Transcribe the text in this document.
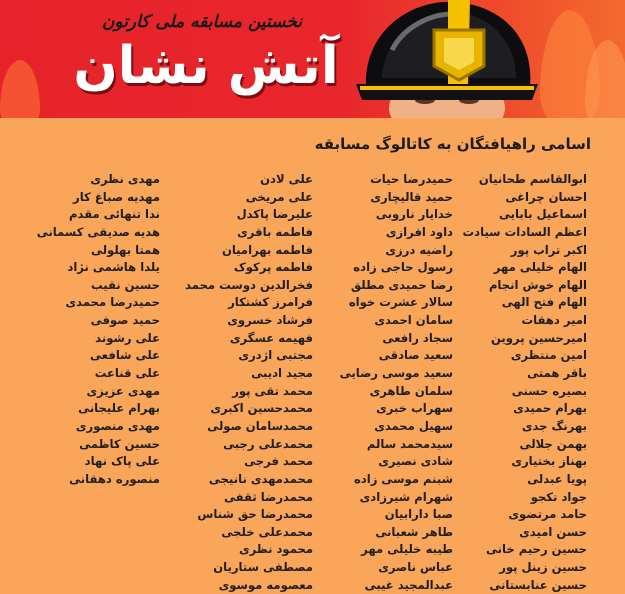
نخستین مسابقه ملی کارتون
آتش نشان
اسامی راهیافتگان به کاتالوگ مسابقه
ابوالقاسم طحانیان
احسان چراغی
اسماعیل بابایی
اعظم السادات سیادت
اکبر تراب پور
الهام خلیلی مهر
الهام خوش انجام
الهام فتح الهی
امیر دهقات
امیرحسین پروین
امین منتظری
باقر همتی
بصیره حسنی
بهرام حمیدی
بهرنگ جدی
بهمن جلالی
بهناز بختیاری
پویا عبدلی
جواد تکجو
حامد مرتضوی
حسن امیدی
حسین رحیم خانی
حسین زینل پور
حسین عنابستانی
حمیدرضا حیات
حمید قالیچاری
خدایار ناروبی
داود افرازی
راضیه درزی
رسول حاجی زاده
رضا حمیدی مطلق
سالار عشرت خواه
سامان احمدی
سجاد رافعی
سعید صادقی
سعید موسی رضایی
سلمان طاهری
سهراب خبری
سهیل محمدی
سیدمحمد سالم
شادی نصیری
شبنم موسی زاده
شهرام شیرزادی
صبا دارابیان
طاهر شعبانی
طیبه خلیلی مهر
عباس ناصری
عبدالمجید غیبی
علی لادن
علی مریخی
علیرضا پاکدل
فاطمه باقری
فاطمه بهرامیان
فاطمه پرکوک
فخرالدین دوست محمد
فرامرز کشتکار
فرشاد خسروی
فهیمه عسگری
مجتبی اژدری
مجید ادیبی
محمد تقی پور
محمدحسین اکبری
محمدسامان صولی
محمدعلی رجبی
محمد فرجی
محمدمهدی نانیجی
محمدرضا ثقفی
محمدرضا حق شناس
محمدعلی خلجی
محمود نظری
مصطفی ستاریان
معصومه موسوی
مهدی نظری
مهدیه صباغ کار
ندا تنهائی مقدم
هدیه صدیقی کسمانی
همتا بهلولی
یلدا هاشمی نژاد
حسین نقیب
حمیدرضا محمدی
حمید صوفی
علی رشوند
علی شافعی
علی قناعت
مهدی عزیزی
بهرام علیجانی
مهدی منصوری
حسین کاظمی
علی پاک نهاد
منصوره دهقانی
